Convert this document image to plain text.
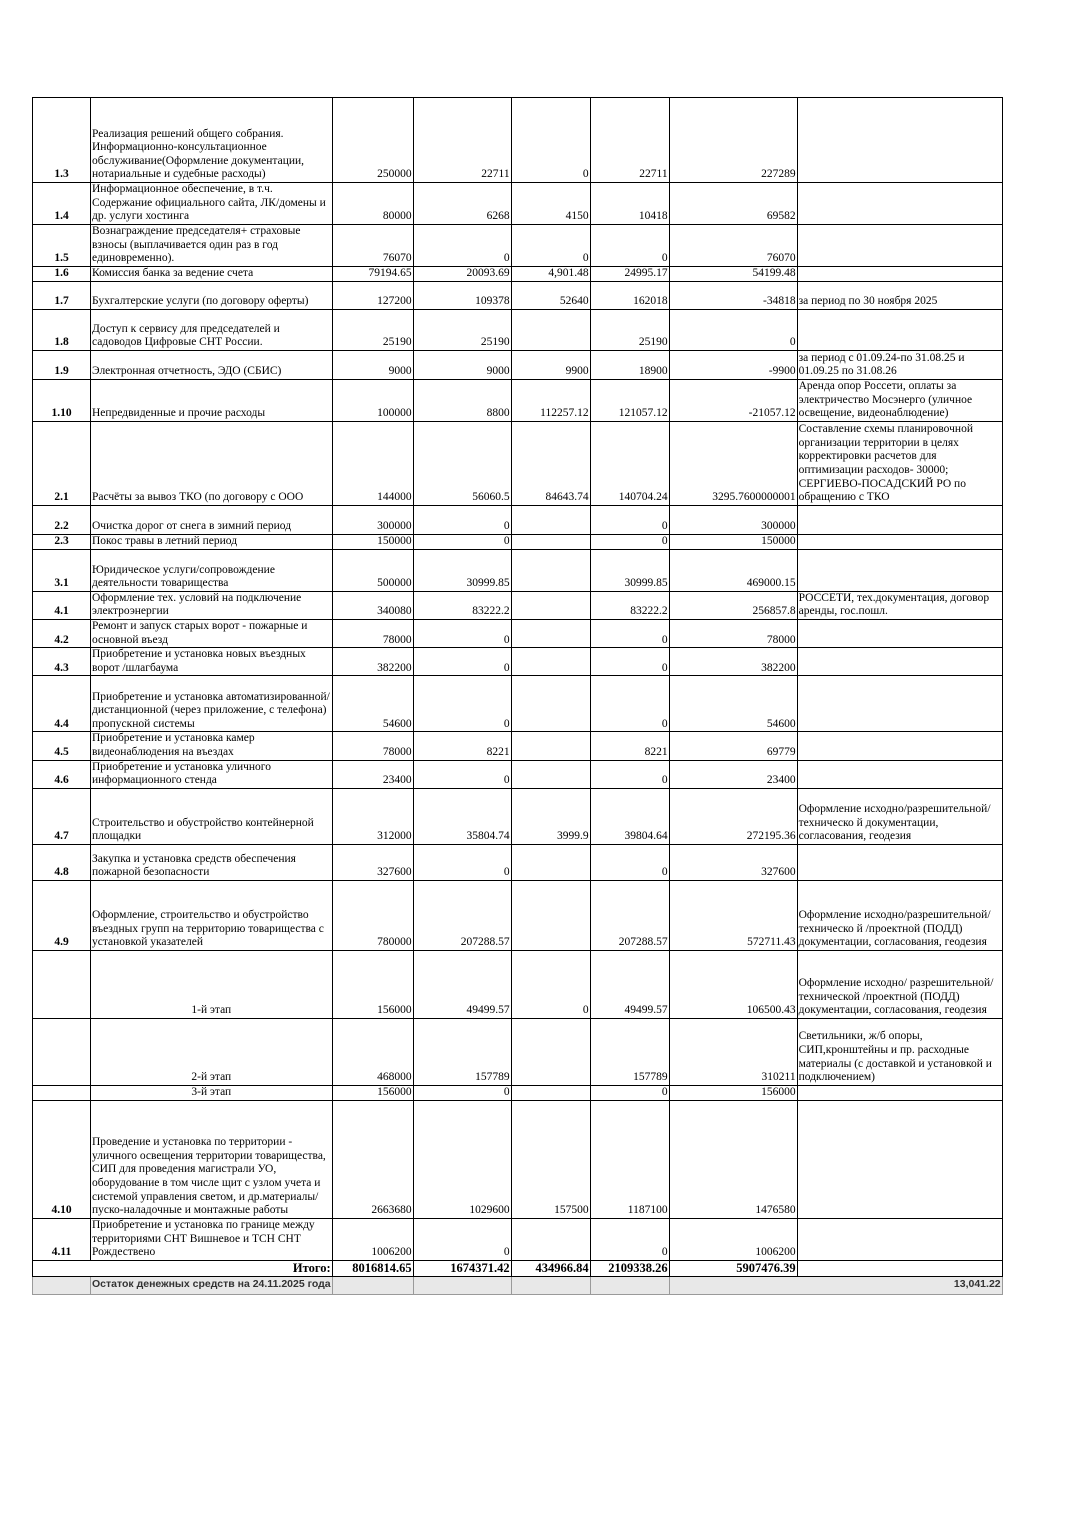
1.3	Реализация решений общего собрания. Информационно-консультационное обслуживание(Оформление документации, нотариальные и судебные расходы)	250000	22711	0	22711	227289	
1.4	Информационное обеспечение, в т.ч. Содержание официального сайта, ЛК/домены и др. услуги хостинга	80000	6268	4150	10418	69582	
1.5	Вознаграждение председателя+ страховые взносы (выплачивается один раз в год единовременно).	76070	0	0	0	76070	
1.6	Комиссия банка за ведение счета	79194.65	20093.69	4,901.48	24995.17	54199.48	
1.7	Бухгалтерские услуги (по договору оферты)	127200	109378	52640	162018	-34818	за период по 30 ноября 2025
1.8	Доступ к сервису для председателей и садоводов Цифровые СНТ России.	25190	25190		25190	0	
1.9	Электронная отчетность, ЭДО (СБИС)	9000	9000	9900	18900	-9900	за период с 01.09.24-по 31.08.25 и 01.09.25 по 31.08.26
1.10	Непредвиденные и прочие расходы	100000	8800	112257.12	121057.12	-21057.12	Аренда опор Россети, оплаты за электричество Мосэнерго (уличное освещение, видеонаблюдение)
2.1	Расчёты за вывоз ТКО (по договору с ООО	144000	56060.5	84643.74	140704.24	3295.7600000001	Составление схемы планировочной организации территории в целях корректировки расчетов для оптимизации расходов- 30000; СЕРГИЕВО-ПОСАДСКИЙ РО по обращению с ТКО
2.2	Очистка дорог от снега в зимний период	300000	0		0	300000	
2.3	Покос травы в летний период	150000	0		0	150000	
3.1	Юридическое услуги/сопровождение деятельности товарищества	500000	30999.85		30999.85	469000.15	
4.1	Оформление тех. условий на подключение электроэнергии	340080	83222.2		83222.2	256857.8	РОССЕТИ, тех.документация, договор аренды, гос.пошл.
4.2	Ремонт и запуск старых ворот - пожарные и основной въезд	78000	0		0	78000	
4.3	Приобретение и установка новых въездных ворот /шлагбаума	382200	0		0	382200	
4.4	Приобретение и установка автоматизированной/ дистанционной (через приложение, с телефона) пропускной системы	54600	0		0	54600	
4.5	Приобретение и установка камер видеонаблюдения на въездах	78000	8221		8221	69779	
4.6	Приобретение и установка уличного информационного стенда	23400	0		0	23400	
4.7	Строительство и обустройство контейнерной площадки	312000	35804.74	3999.9	39804.64	272195.36	Оформление исходно/разрешительной/техническо й документации, согласования, геодезия
4.8	Закупка и установка средств обеспечения пожарной безопасности	327600	0		0	327600	
4.9	Оформление, строительство и обустройство въездных групп на территорию товарищества с установкой указателей	780000	207288.57		207288.57	572711.43	Оформление исходно/разрешительной/техническо й /проектной (ПОДД) документации, согласования, геодезия
	1-й этап	156000	49499.57	0	49499.57	106500.43	Оформление исходно/ разрешительной/технической /проектной (ПОДД) документации, согласования, геодезия
	2-й этап	468000	157789		157789	310211	Светильники, ж/б опоры, СИП,кронштейны и пр. расходные материалы (с доставкой и установкой и подключением)
	3-й этап	156000	0		0	156000	
4.10	Проведение и установка по территории - уличного освещения территории товарищества, СИП для проведения магистрали УО, оборудование в том числе щит с узлом учета и системой управления светом, и др.материалы/ пуско-наладочные и монтажные работы	2663680	1029600	157500	1187100	1476580	
4.11	Приобретение и установка по границе между территориями СНТ Вишневое и ТСН СНТ Рождествено	1006200	0		0	1006200	
Итого:		8016814.65	1674371.42	434966.84	2109338.26	5907476.39	
	Остаток денежных средств на 24.11.2025 года					13,041.22	
